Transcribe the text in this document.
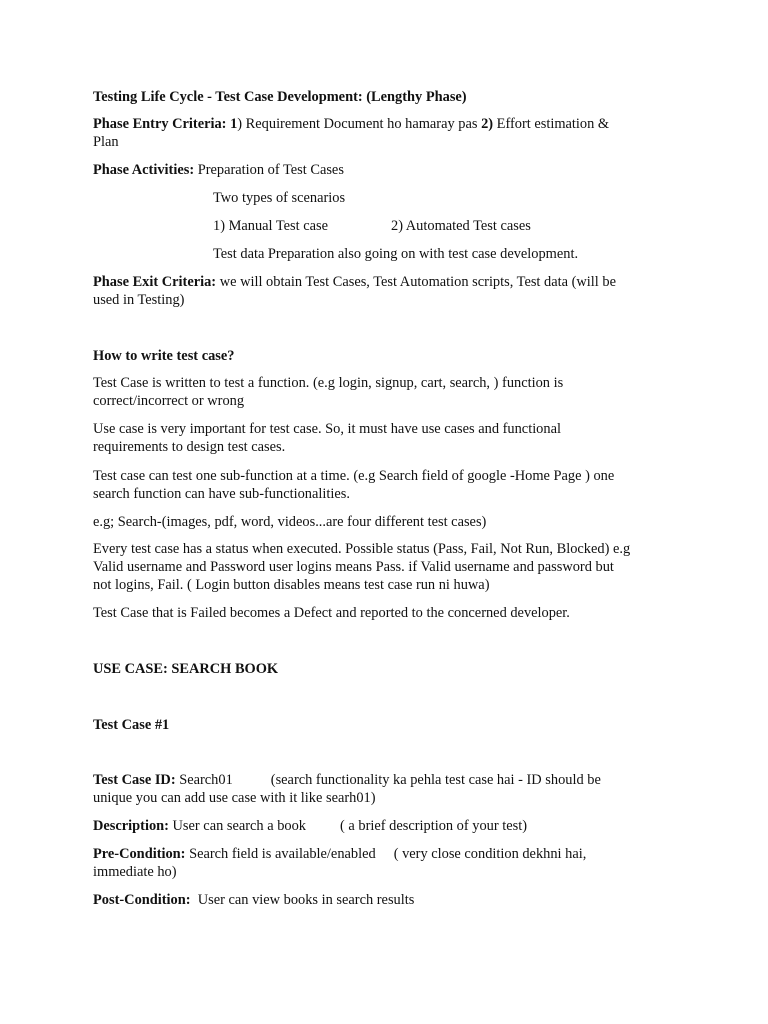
Testing Life Cycle - Test Case Development: (Lengthy Phase)
Phase Entry Criteria: 1) Requirement Document ho hamaray pas 2) Effort estimation &
Plan
Phase Activities: Preparation of Test Cases
Two types of scenarios
1) Manual Test case	2) Automated Test cases
Test data Preparation also going on with test case development.
Phase Exit Criteria: we will obtain Test Cases, Test Automation scripts, Test data (will be
used in Testing)
How to write test case?
Test Case is written to test a function. (e.g login, signup, cart, search, ) function is
correct/incorrect or wrong
Use case is very important for test case. So, it must have use cases and functional
requirements to design test cases.
Test case can test one sub-function at a time. (e.g Search field of google -Home Page ) one
search function can have sub-functionalities.
e.g; Search-(images, pdf, word, videos...are four different test cases)
Every test case has a status when executed. Possible status (Pass, Fail, Not Run, Blocked) e.g
Valid username and Password user logins means Pass. if Valid username and password but
not logins, Fail. ( Login button disables means test case run ni huwa)
Test Case that is Failed becomes a Defect and reported to the concerned developer.
USE CASE: SEARCH BOOK
Test Case #1
Test Case ID: Search01	(search functionality ka pehla test case hai - ID should be
unique you can add use case with it like searh01)
Description: User can search a book ( a brief description of your test)
Pre-Condition: Search field is available/enabled ( very close condition dekhni hai,
immediate ho)
Post-Condition:  User can view books in search results
